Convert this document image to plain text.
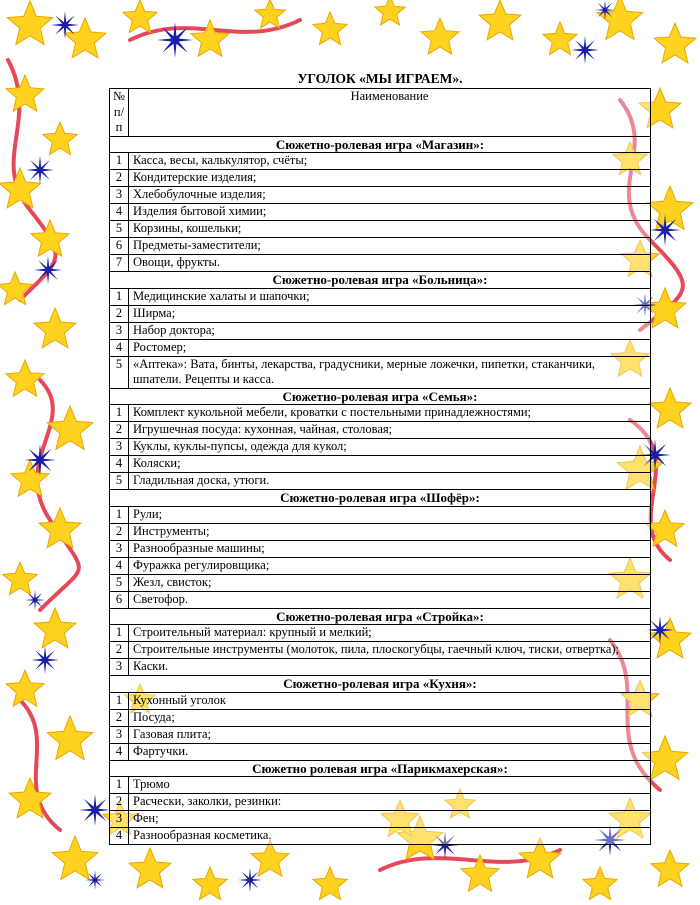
УГОЛОК «МЫ ИГРАЕМ».
№ п/п	Наименование
Сюжетно-ролевая игра «Магазин»:	
1	Касса, весы, калькулятор, счёты;
2	Кондитерские изделия;
3	Хлебобулочные изделия;
4	Изделия бытовой химии;
5	Корзины, кошельки;
6	Предметы-заместители;
7	Овощи, фрукты.
Сюжетно-ролевая игра «Больница»:	
1	Медицинские халаты и шапочки;
2	Ширма;
3	Набор доктора;
4	Ростомер;
5	«Аптека»: Вата, бинты, лекарства, градусники, мерные ложечки, пипетки, стаканчики, шпатели. Рецепты и касса.
Сюжетно-ролевая игра «Семья»:	
1	Комплект кукольной мебели, кроватки с постельными принадлежностями;
2	Игрушечная посуда: кухонная, чайная, столовая;
3	Куклы, куклы-пупсы, одежда для кукол;
4	Коляски;
5	Гладильная доска, утюги.
Сюжетно-ролевая игра «Шофёр»:	
1	Рули;
2	Инструменты;
3	Разнообразные машины;
4	Фуражка регулировщика;
5	Жезл, свисток;
6	Светофор.
Сюжетно-ролевая игра «Стройка»:	
1	Строительный материал: крупный и мелкий;
2	Строительные инструменты (молоток, пила, плоскогубцы, гаечный ключ, тиски, отвертка);
3	Каски.
Сюжетно-ролевая игра «Кухня»:	
1	Кухонный уголок
2	Посуда;
3	Газовая плита;
4	Фартучки.
Сюжетно ролевая игра «Парикмахерская»:	
1	Трюмо
2	Расчески, заколки, резинки:
3	Фен;
4	Разнообразная косметика.
